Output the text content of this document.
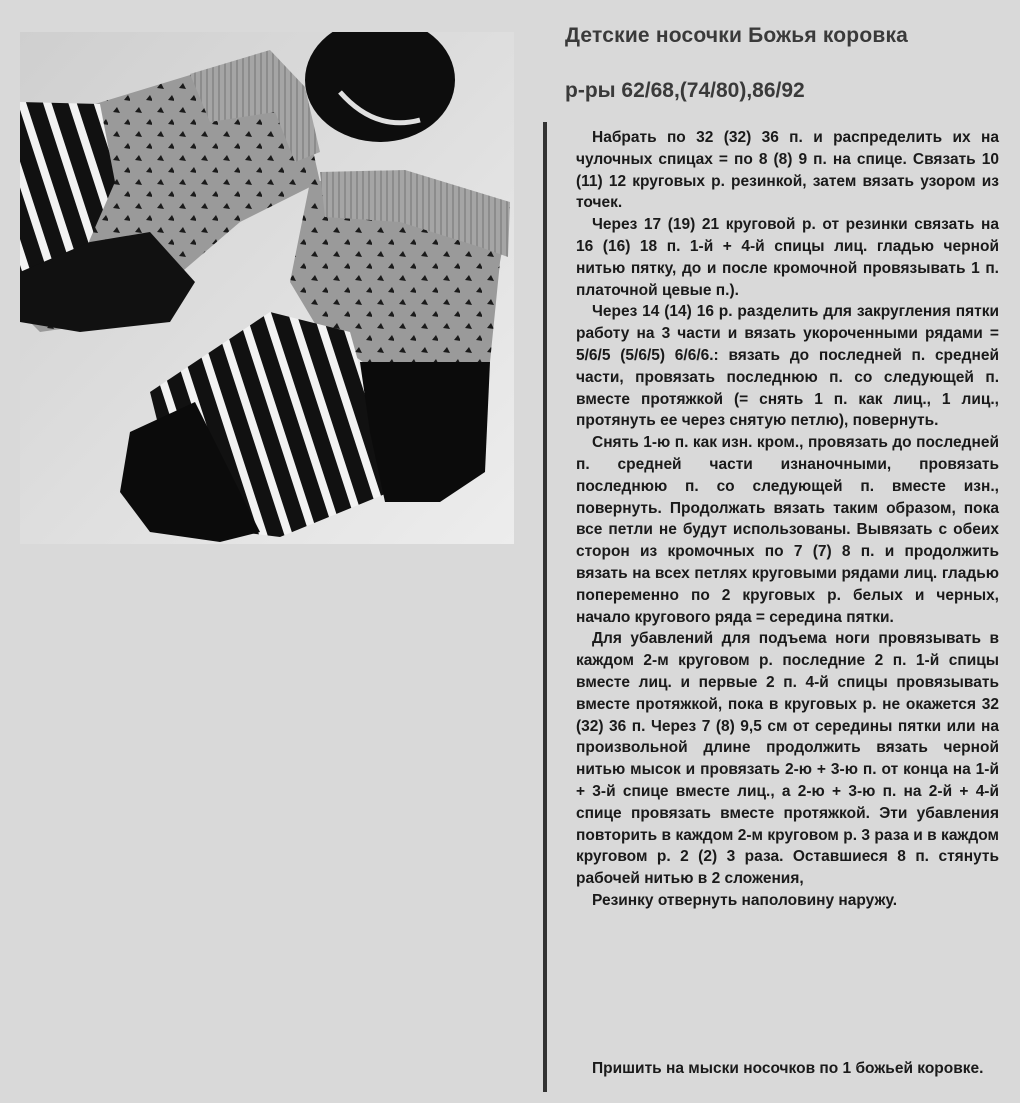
Детские носочки Божья коровка

р-ры 62/68,(74/80),86/92

Набрать по 32 (32) 36 п. и распределить их на чулочных спицах = по 8 (8) 9 п. на спице. Связать 10 (11) 12 круговых р. резинкой, затем вязать узором из точек.

Через 17 (19) 21 круговой р. от резинки связать на 16 (16) 18 п. 1-й + 4-й спицы лиц. гладью черной нитью пятку, до и после кромочной провязывать 1 п. платочной цевые п.).

Через 14 (14) 16 р. разделить для закругления пятки работу на 3 части и вязать укороченными рядами = 5/6/5 (5/6/5) 6/6/6.: вязать до последней п. средней части, провязать последнюю п. со следующей п. вместе протяжкой (= снять 1 п. как лиц., 1 лиц., протянуть ее через снятую петлю), повернуть.

Снять 1-ю п. как изн. кром., провязать до последней п. средней части изнаночными, провязать последнюю п. со следующей п. вместе изн., повернуть. Продолжать вязать таким образом, пока все петли не будут использованы. Вывязать с обеих сторон из кромочных по 7 (7) 8 п. и продолжить вязать на всех петлях круговыми рядами лиц. гладью попеременно по 2 круговых р. белых и черных, начало кругового ряда = середина пятки.

Для убавлений для подъема ноги провязывать в каждом 2-м круговом р. последние 2 п. 1-й спицы вместе лиц. и первые 2 п. 4-й спицы провязывать вместе протяжкой, пока в круговых р. не окажется 32 (32) 36 п. Через 7 (8) 9,5 см от середины пятки или на произвольной длине продолжить вязать черной нитью мысок и провязать 2-ю + 3-ю п. от конца на 1-й + 3-й спице вместе лиц., а 2-ю + 3-ю п. на 2-й + 4-й спице провязать вместе протяжкой. Эти убавления повторить в каждом 2-м круговом р. 3 раза и в каждом круговом р. 2 (2) 3 раза. Оставшиеся 8 п. стянуть рабочей нитью в 2 сложения,

Резинку отвернуть наполовину наружу.

Пришить на мыски носочков по 1 божьей коровке.
